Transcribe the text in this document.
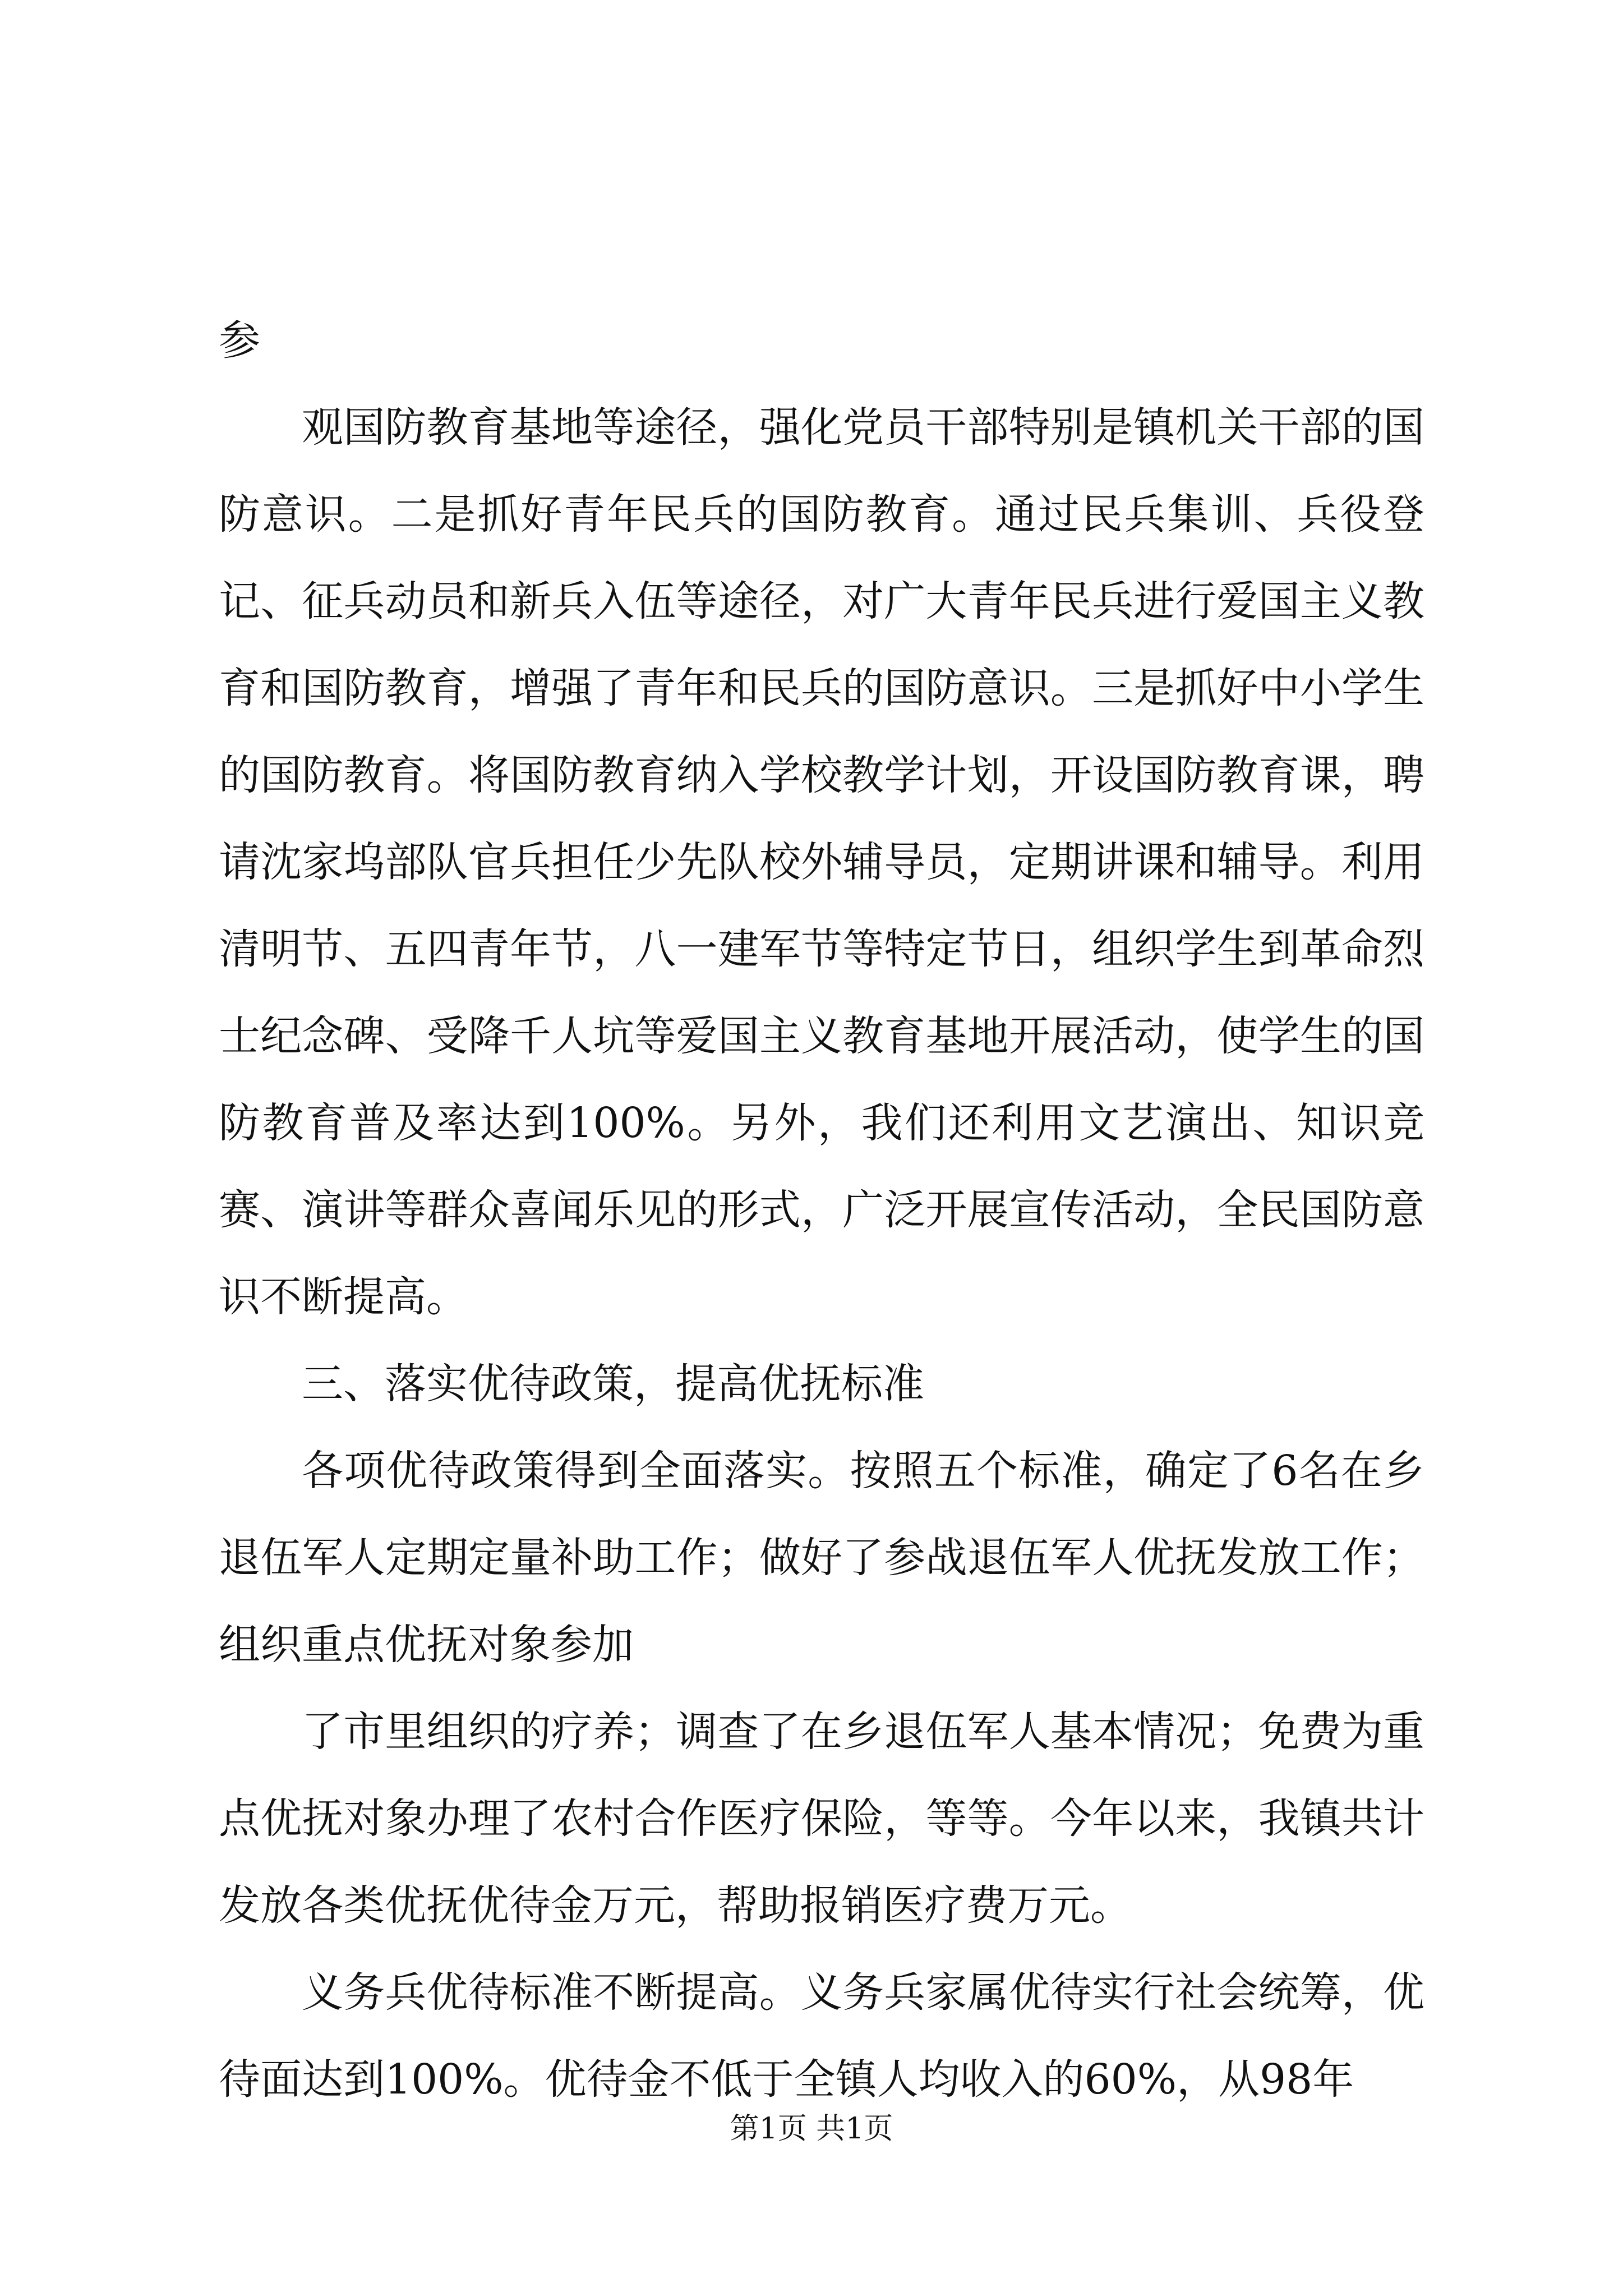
参

观国防教育基地等途径，强化党员干部特别是镇机关干部的国防意识。二是抓好青年民兵的国防教育。通过民兵集训、兵役登记、征兵动员和新兵入伍等途径，对广大青年民兵进行爱国主义教育和国防教育，增强了青年和民兵的国防意识。三是抓好中小学生的国防教育。将国防教育纳入学校教学计划，开设国防教育课，聘请沈家坞部队官兵担任少先队校外辅导员，定期讲课和辅导。利用清明节、五四青年节，八一建军节等特定节日，组织学生到革命烈士纪念碑、受降千人坑等爱国主义教育基地开展活动，使学生的国防教育普及率达到100%。另外，我们还利用文艺演出、知识竞赛、演讲等群众喜闻乐见的形式，广泛开展宣传活动，全民国防意识不断提高。

三、落实优待政策，提高优抚标准

各项优待政策得到全面落实。按照五个标准，确定了6名在乡退伍军人定期定量补助工作；做好了参战退伍军人优抚发放工作；组织重点优抚对象参加

了市里组织的疗养；调查了在乡退伍军人基本情况；免费为重点优抚对象办理了农村合作医疗保险，等等。今年以来，我镇共计发放各类优抚优待金万元，帮助报销医疗费万元。

义务兵优待标准不断提高。义务兵家属优待实行社会统筹，优待面达到100%。优待金不低于全镇人均收入的60%，从98年

第1页 共1页
